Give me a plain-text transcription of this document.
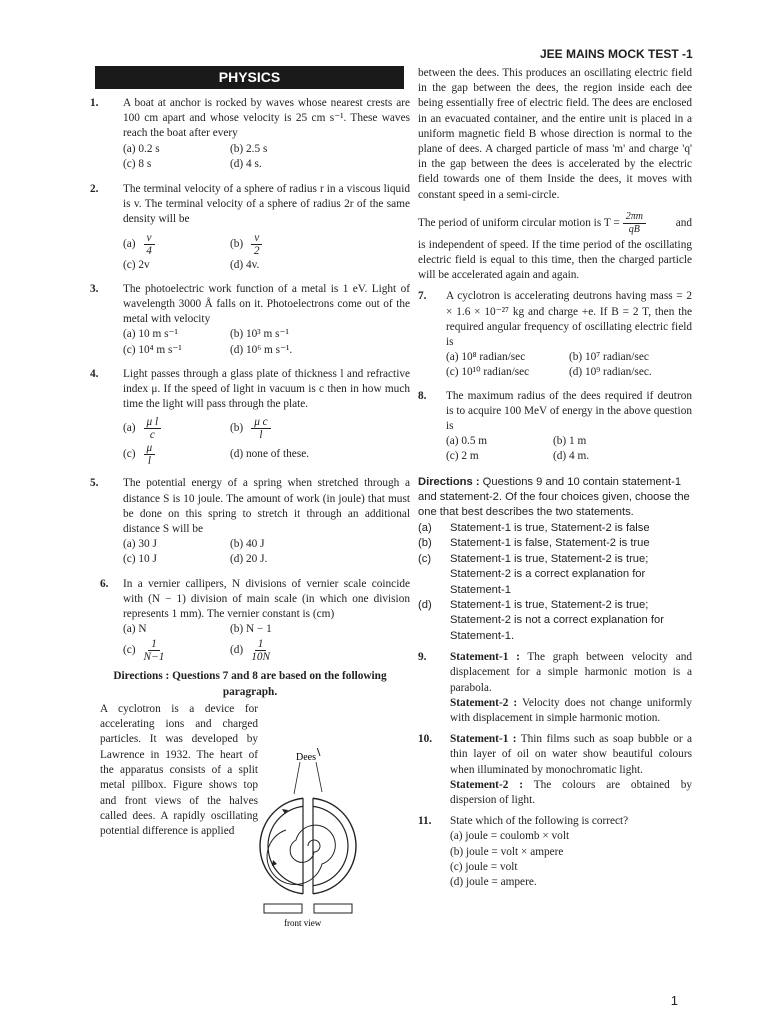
JEE MAINS MOCK TEST -1
PHYSICS
1. A boat at anchor is rocked by waves whose nearest crests are 100 cm apart and whose velocity is 25 cm s⁻¹. These waves reach the boat after every
(a) 0.2 s	(b) 2.5 s
(c) 8 s	(d) 4 s.
2. The terminal velocity of a sphere of radius r in a viscous liquid is v. The terminal velocity of a sphere of radius 2r of the same density will be
$(a) \frac{v}{4}$	$(b) \frac{v}{2}$
(c) 2v	(d) 4v.
3. The photoelectric work function of a metal is 1 eV. Light of wavelength 3000 Å falls on it. Photoelectrons come out of the metal with velocity
(a) 10 m s⁻¹	(b) 10³ m s⁻¹
(c) 10⁴ m s⁻¹	(d) 10⁶ m s⁻¹.
4. Light passes through a glass plate of thickness l and refractive index μ. If the speed of light in vacuum is c then in how much time the light will pass through the plate.
$(a) \frac{\text{μ l}}{c}$	$(b) \frac{\text{μ c}}{l}$
$(c) \frac{\mu}{l}$	(d) none of these.
5. The potential energy of a spring when stretched through a distance S is 10 joule. The amount of work (in joule) that must be done on this spring to stretch it through an additional distance S will be
(a) 30 J	(b) 40 J
(c) 10 J	(d) 20 J.
6. In a vernier callipers, N divisions of vernier scale coincide with (N − 1) division of main scale (in which one division represents 1 mm). The vernier constant is (cm)
(a) N	(b) N − 1
$(c) \frac{1}{N-1}$	$(d) \frac{1}{10N}$
Directions : Questions 7 and 8 are based on the following paragraph.
A cyclotron is a device for accelerating ions and charged particles. It was developed by Lawrence in 1932. The heart of the apparatus consists of a split metal pillbox. Figure shows top and front views of the halves called dees. A rapidly oscillating potential difference is applied
Dees
front view
between the dees. This produces an oscillating electric field in the gap between the dees, the region inside each dee being essentially free of electric field. The dees are enclosed in an evacuated container, and the entire unit is placed in a uniform magnetic field B whose direction is normal to the plane of dees. A charged particle of mass 'm' and charge 'q' in the gap between the dees is accelerated by the electric field towards one of them Inside the dees, it moves with constant speed in a semi-circle.
The period of uniform circular motion is $T = \frac{2\pi m}{qB}$	and
is independent of speed. If the time period of the oscillating electric field is equal to this time, then the charged particle will be accelerated again and again.
7. A cyclotron is accelerating deutrons having mass = 2 × 1.6 × 10⁻²⁷ kg and charge +e. If B = 2 T, then the required angular frequency of oscillating electric field is
(a) 10⁸ radian/sec	(b) 10⁷ radian/sec
(c) 10¹⁰ radian/sec	(d) 10⁹ radian/sec.
8. The maximum radius of the dees required if deutron is to acquire 100 MeV of energy in the above question is
(a) 0.5 m	(b) 1 m
(c) 2 m	(d) 4 m.
Directions : Questions 9 and 10 contain statement-1 and statement-2. Of the four choices given, choose the one that best describes the two statements.
(a)	Statement-1 is true, Statement-2 is false
(b)	Statement-1 is false, Statement-2 is true
(c)	Statement-1 is true, Statement-2 is true; Statement-2 is a correct explanation for Statement-1
(d)	Statement-1 is true, Statement-2 is true; Statement-2 is not a correct explanation for Statement-1.
9. Statement-1 : The graph between velocity and displacement for a simple harmonic motion is a parabola.
Statement-2 : Velocity does not change uniformly with displacement in simple harmonic motion.
10. Statement-1 : Thin films such as soap bubble or a thin layer of oil on water show beautiful colours when illuminated by monochromatic light.
Statement-2 : The colours are obtained by dispersion of light.
11. State which of the following is correct?
(a) joule = coulomb × volt
(b) joule = volt × ampere
(c) joule = volt
(d) joule = ampere.
1
